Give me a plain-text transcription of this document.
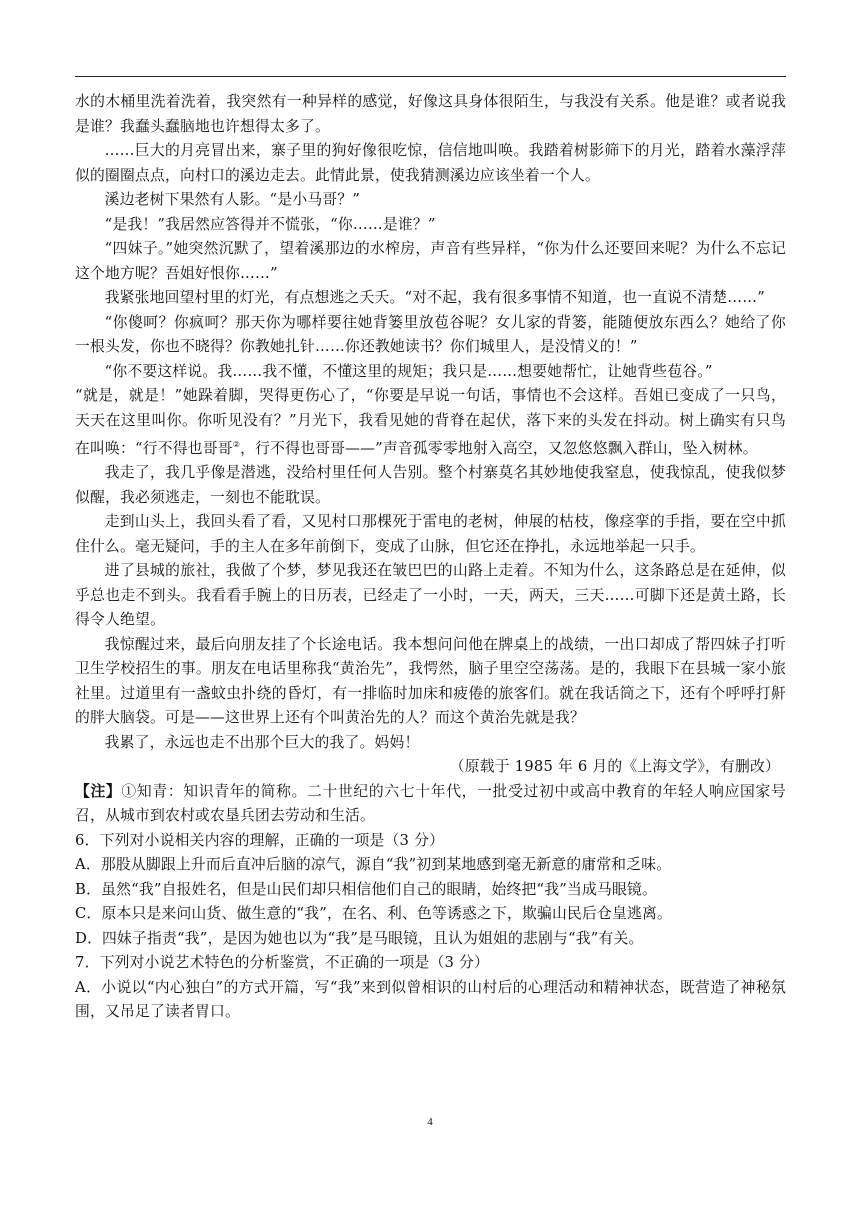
水的木桶里洗着洗着，我突然有一种异样的感觉，好像这具身体很陌生，与我没有关系。他是谁？或者说我是谁？我蠢头蠢脑地也许想得太多了。

……巨大的月亮冒出来，寨子里的狗好像很吃惊，信信地叫唤。我踏着树影筛下的月光，踏着水藻浮萍似的圈圈点点，向村口的溪边走去。此情此景，使我猜测溪边应该坐着一个人。

溪边老树下果然有人影。“是小马哥？”

“是我！”我居然应答得并不慌张，“你……是谁？”

“四妹子。”她突然沉默了，望着溪那边的水榨房，声音有些异样，“你为什么还要回来呢？为什么不忘记这个地方呢？吾姐好恨你……”

我紧张地回望村里的灯光，有点想逃之夭夭。“对不起，我有很多事情不知道，也一直说不清楚……”

“你傻呵？你疯呵？那天你为哪样要往她背篓里放苞谷呢？女儿家的背篓，能随便放东西么？她给了你一根头发，你也不晓得？你教她扎针……你还教她读书？你们城里人，是没情义的！”

“你不要这样说。我……我不懂，不懂这里的规矩；我只是……想要她帮忙，让她背些苞谷。”

“就是，就是！”她跺着脚，哭得更伤心了，“你要是早说一句话，事情也不会这样。吾姐已变成了一只鸟，天天在这里叫你。你听见没有？”月光下，我看见她的背脊在起伏，落下来的头发在抖动。树上确实有只鸟在叫唤：“行不得也哥哥②，行不得也哥哥——”声音孤零零地射入高空，又忽悠悠飘入群山，坠入树林。

我走了，我几乎像是潜逃，没给村里任何人告别。整个村寨莫名其妙地使我窒息，使我惊乱，使我似梦似醒，我必须逃走，一刻也不能耽误。

走到山头上，我回头看了看，又见村口那棵死于雷电的老树，伸展的枯枝，像痉挛的手指，要在空中抓住什么。毫无疑问，手的主人在多年前倒下，变成了山脉，但它还在挣扎，永远地举起一只手。

进了县城的旅社，我做了个梦，梦见我还在皱巴巴的山路上走着。不知为什么，这条路总是在延伸，似乎总也走不到头。我看看手腕上的日历表，已经走了一小时，一天，两天，三天……可脚下还是黄土路，长得令人绝望。

我惊醒过来，最后向朋友挂了个长途电话。我本想问问他在牌桌上的战绩，一出口却成了帮四妹子打听卫生学校招生的事。朋友在电话里称我“黄治先”，我愕然，脑子里空空荡荡。是的，我眼下在县城一家小旅社里。过道里有一盏蚊虫扑绕的昏灯，有一排临时加床和疲倦的旅客们。就在我话筒之下，还有个呼呼打鼾的胖大脑袋。可是——这世界上还有个叫黄治先的人？而这个黄治先就是我？

我累了，永远也走不出那个巨大的我了。妈妈！

（原载于 1985 年 6 月的《上海文学》，有删改）

【注】①知青：知识青年的简称。二十世纪的六七十年代，一批受过初中或高中教育的年轻人响应国家号召，从城市到农村或农垦兵团去劳动和生活。

6．下列对小说相关内容的理解，正确的一项是（3 分）

A．那股从脚跟上升而后直冲后脑的凉气，源自“我”初到某地感到毫无新意的庸常和乏味。

B．虽然“我”自报姓名，但是山民们却只相信他们自己的眼睛，始终把“我”当成马眼镜。

C．原本只是来问山货、做生意的“我”，在名、利、色等诱惑之下，欺骗山民后仓皇逃离。

D．四妹子指责“我”，是因为她也以为“我”是马眼镜，且认为姐姐的悲剧与“我”有关。

7．下列对小说艺术特色的分析鉴赏，不正确的一项是（3 分）

A．小说以“内心独白”的方式开篇，写“我”来到似曾相识的山村后的心理活动和精神状态，既营造了神秘氛围，又吊足了读者胃口。

4
